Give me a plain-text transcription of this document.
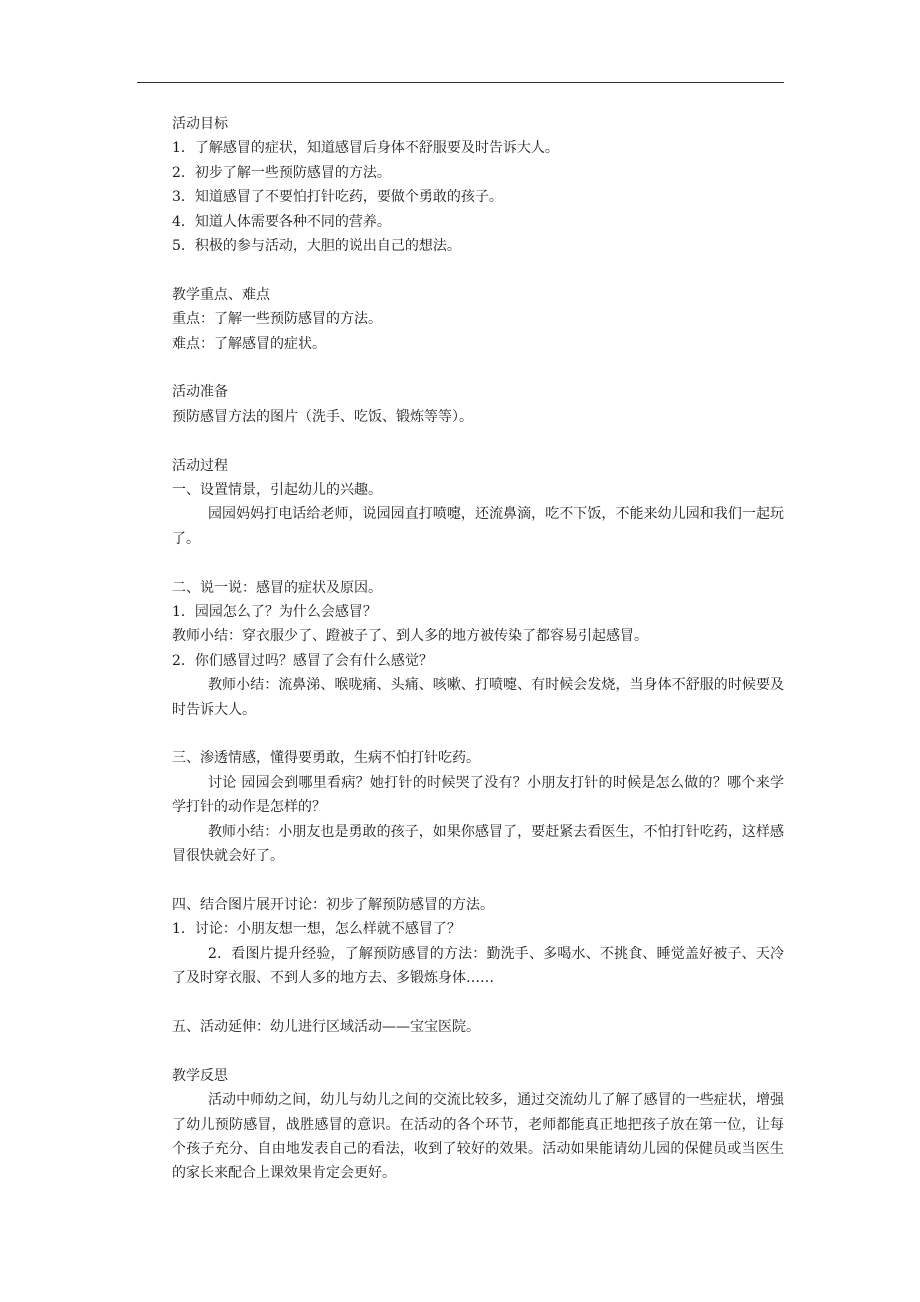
活动目标

1．了解感冒的症状，知道感冒后身体不舒服要及时告诉大人。

2．初步了解一些预防感冒的方法。

3．知道感冒了不要怕打针吃药，要做个勇敢的孩子。

4．知道人体需要各种不同的营养。

5．积极的参与活动，大胆的说出自己的想法。

教学重点、难点

重点：了解一些预防感冒的方法。

难点：了解感冒的症状。

活动准备

预防感冒方法的图片（洗手、吃饭、锻炼等等）。

活动过程

一、设置情景，引起幼儿的兴趣。

园园妈妈打电话给老师，说园园直打喷嚏，还流鼻滴，吃不下饭，不能来幼儿园和我们一起玩了。

二、说一说：感冒的症状及原因。

1．园园怎么了？为什么会感冒？

教师小结：穿衣服少了、蹬被子了、到人多的地方被传染了都容易引起感冒。

2．你们感冒过吗？感冒了会有什么感觉？

教师小结：流鼻涕、喉咙痛、头痛、咳嗽、打喷嚏、有时候会发烧，当身体不舒服的时候要及时告诉大人。

三、渗透情感，懂得要勇敢，生病不怕打针吃药。

讨论 园园会到哪里看病？她打针的时候哭了没有？小朋友打针的时候是怎么做的？哪个来学学打针的动作是怎样的？

教师小结：小朋友也是勇敢的孩子，如果你感冒了，要赶紧去看医生，不怕打针吃药，这样感冒很快就会好了。

四、结合图片展开讨论：初步了解预防感冒的方法。

1．讨论：小朋友想一想，怎么样就不感冒了？

2．看图片提升经验，了解预防感冒的方法：勤洗手、多喝水、不挑食、睡觉盖好被子、天冷了及时穿衣服、不到人多的地方去、多锻炼身体……

五、活动延伸：幼儿进行区域活动——宝宝医院。

教学反思

活动中师幼之间，幼儿与幼儿之间的交流比较多，通过交流幼儿了解了感冒的一些症状，增强了幼儿预防感冒，战胜感冒的意识。在活动的各个环节，老师都能真正地把孩子放在第一位，让每个孩子充分、自由地发表自己的看法，收到了较好的效果。活动如果能请幼儿园的保健员或当医生的家长来配合上课效果肯定会更好。
